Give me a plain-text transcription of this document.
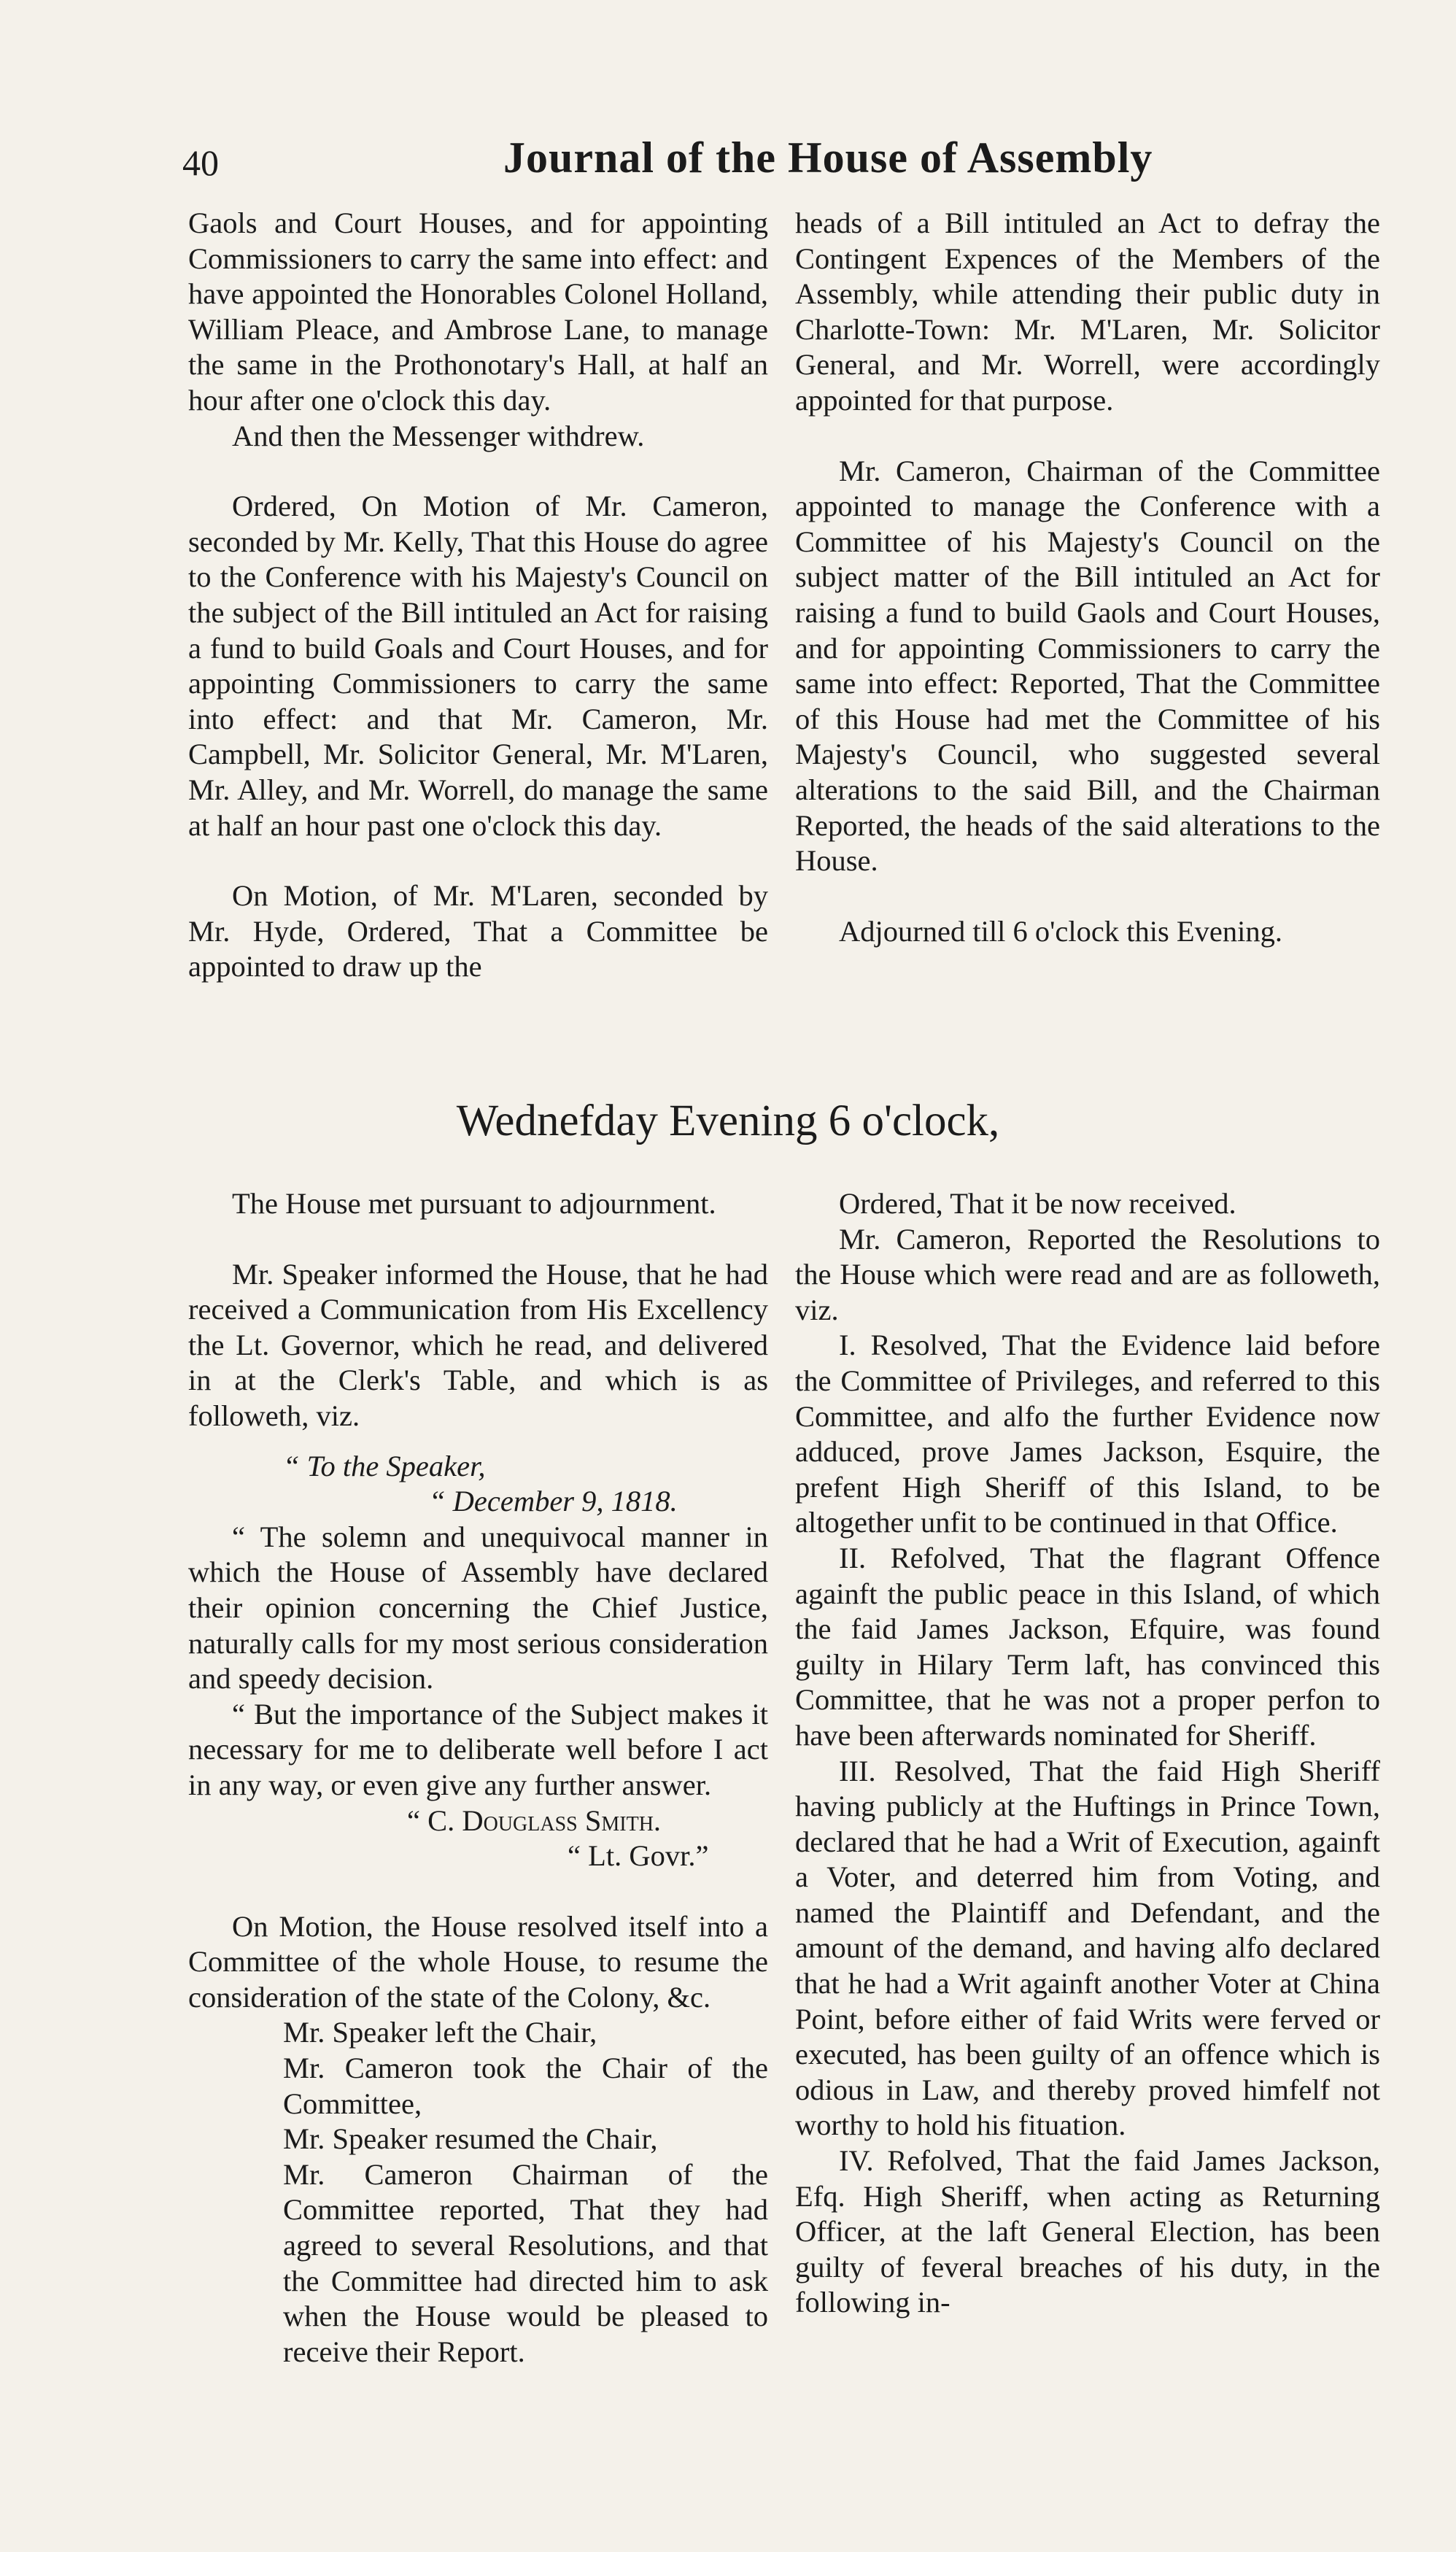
40	Journal of the House of Assembly

Gaols and Court Houses, and for appointing Commissioners to carry the same into effect: and have appointed the Honorables Colonel Holland, William Pleace, and Ambrose Lane, to manage the same in the Prothonotary's Hall, at half an hour after one o'clock this day.

And then the Messenger withdrew.

Ordered, On Motion of Mr. Cameron, seconded by Mr. Kelly, That this House do agree to the Conference with his Majesty's Council on the subject of the Bill intituled an Act for raising a fund to build Goals and Court Houses, and for appointing Commissioners to carry the same into effect: and that Mr. Cameron, Mr. Campbell, Mr. Solicitor General, Mr. M'Laren, Mr. Alley, and Mr. Worrell, do manage the same at half an hour past one o'clock this day.

On Motion, of Mr. M'Laren, seconded by Mr. Hyde, Ordered, That a Committee be appointed to draw up the

heads of a Bill intituled an Act to defray the Contingent Expences of the Members of the Assembly, while attending their public duty in Charlotte-Town: Mr. M'Laren, Mr. Solicitor General, and Mr. Worrell, were accordingly appointed for that purpose.

Mr. Cameron, Chairman of the Committee appointed to manage the Conference with a Committee of his Majesty's Council on the subject matter of the Bill intituled an Act for raising a fund to build Gaols and Court Houses, and for appointing Commissioners to carry the same into effect: Reported, That the Committee of this House had met the Committee of his Majesty's Council, who suggested several alterations to the said Bill, and the Chairman Reported, the heads of the said alterations to the House.

Adjourned till 6 o'clock this Evening.

Wednefday Evening 6 o'clock,

The House met pursuant to adjournment.

Mr. Speaker informed the House, that he had received a Communication from His Excellency the Lt. Governor, which he read, and delivered in at the Clerk's Table, and which is as followeth, viz.

“ To the Speaker,

“ December 9, 1818.

“ The solemn and unequivocal manner in which the House of Assembly have declared their opinion concerning the Chief Justice, naturally calls for my most serious consideration and speedy decision.

“ But the importance of the Subject makes it necessary for me to deliberate well before I act in any way, or even give any further answer.

“ C. Douglass Smith.

“ Lt. Govr.”

On Motion, the House resolved itself into a Committee of the whole House, to resume the consideration of the state of the Colony, &c.

Mr. Speaker left the Chair,

Mr. Cameron took the Chair of the Committee,

Mr. Speaker resumed the Chair,

Mr. Cameron Chairman of the Committee reported, That they had agreed to several Resolutions, and that the Committee had directed him to ask when the House would be pleased to receive their Report.

Ordered, That it be now received.

Mr. Cameron, Reported the Resolutions to the House which were read and are as followeth, viz.

I. Resolved, That the Evidence laid before the Committee of Privileges, and referred to this Committee, and alfo the further Evidence now adduced, prove James Jackson, Esquire, the prefent High Sheriff of this Island, to be altogether unfit to be continued in that Office.

II. Refolved, That the flagrant Offence againft the public peace in this Island, of which the faid James Jackson, Efquire, was found guilty in Hilary Term laft, has convinced this Committee, that he was not a proper perfon to have been afterwards nominated for Sheriff.

III. Resolved, That the faid High Sheriff having publicly at the Huftings in Prince Town, declared that he had a Writ of Execution, againft a Voter, and deterred him from Voting, and named the Plaintiff and Defendant, and the amount of the demand, and having alfo declared that he had a Writ againft another Voter at China Point, before either of faid Writs were ferved or executed, has been guilty of an offence which is odious in Law, and thereby proved himfelf not worthy to hold his fituation.

IV. Refolved, That the faid James Jackson, Efq. High Sheriff, when acting as Returning Officer, at the laft General Election, has been guilty of feveral breaches of his duty, in the following in-
